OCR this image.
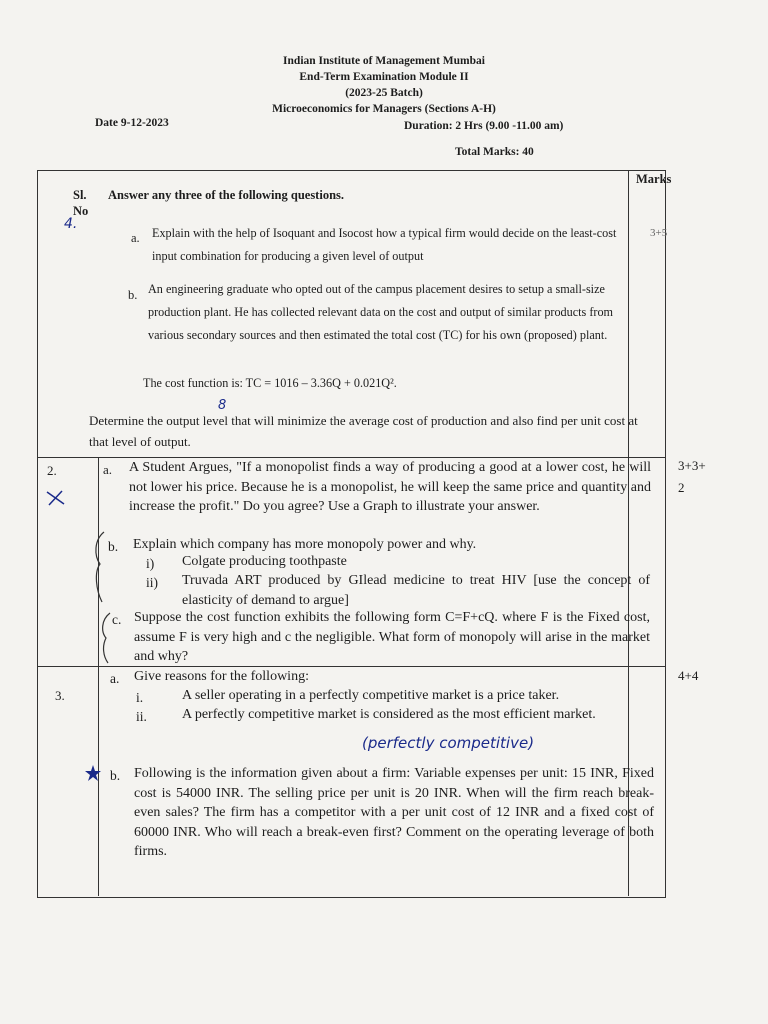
Indian Institute of Management Mumbai
End-Term Examination Module II
(2023-25 Batch)
Microeconomics for Managers (Sections A-H)
Date 9-12-2023	Duration: 2 Hrs (9.00 -11.00 am)
Total Marks: 40
Marks
Sl.
No
Answer any three of the following questions.
4.
a. Explain with the help of Isoquant and Isocost how a typical firm would decide on the least-cost input combination for producing a given level of output
3+5
b. An engineering graduate who opted out of the campus placement desires to setup a small-size production plant. He has collected relevant data on the cost and output of similar products from various secondary sources and then estimated the total cost (TC) for his own (proposed) plant.
The cost function is: TC = 1016 – 3.36Q + 0.021Q².
8
Determine the output level that will minimize the average cost of production and also find per unit cost at that level of output.
2.	3+3+
2
a. A Student Argues, "If a monopolist finds a way of producing a good at a lower cost, he will not lower his price. Because he is a monopolist, he will keep the same price and quantity and increase the profit." Do you agree? Use a Graph to illustrate your answer.
b. Explain which company has more monopoly power and why.
i) Colgate producing toothpaste
ii) Truvada ART produced by GIlead medicine to treat HIV [use the concept of elasticity of demand to argue]
c. Suppose the cost function exhibits the following form C=F+cQ. where F is the Fixed cost, assume F is very high and c the negligible. What form of monopoly will arise in the market and why?
3.
4+4
a. Give reasons for the following:
i.	A seller operating in a perfectly competitive market is a price taker.
ii.	A perfectly competitive market is considered as the most efficient market.
(perfectly competitive)
b. Following is the information given about a firm: Variable expenses per unit: 15 INR, Fixed cost is 54000 INR. The selling price per unit is 20 INR. When will the firm reach break-even sales? The firm has a competitor with a per unit cost of 12 INR and a fixed cost of 60000 INR. Who will reach a break-even first? Comment on the operating leverage of both firms.
